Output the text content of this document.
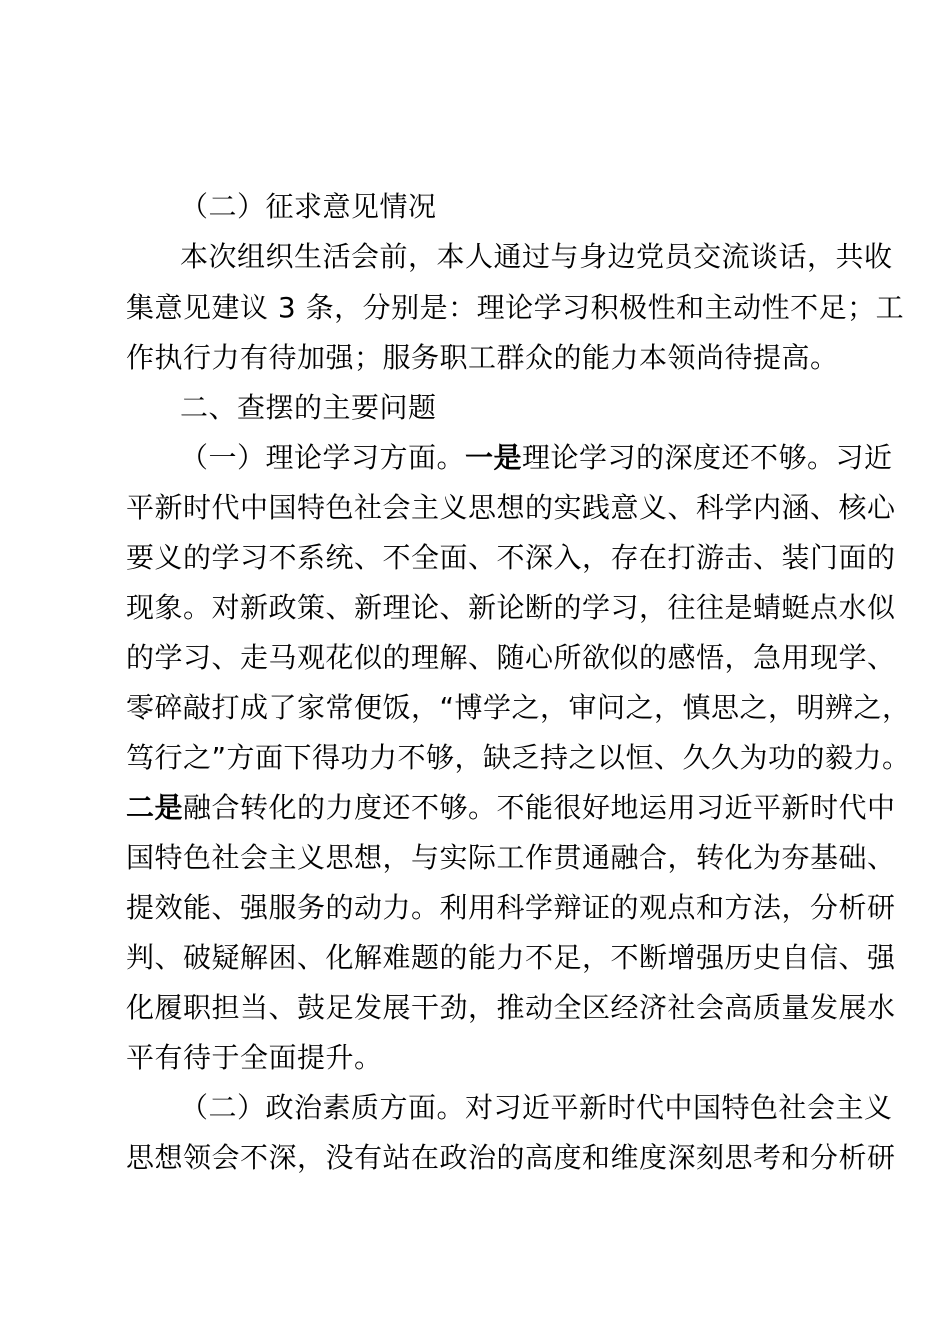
（二）征求意见情况
本次组织生活会前，本人通过与身边党员交流谈话，共收
集意见建议 3 条，分别是：理论学习积极性和主动性不足；工
作执行力有待加强；服务职工群众的能力本领尚待提高。
二、查摆的主要问题
（一）理论学习方面。一是理论学习的深度还不够。习近
平新时代中国特色社会主义思想的实践意义、科学内涵、核心
要义的学习不系统、不全面、不深入，存在打游击、装门面的
现象。对新政策、新理论、新论断的学习，往往是蜻蜓点水似
的学习、走马观花似的理解、随心所欲似的感悟，急用现学、
零碎敲打成了家常便饭，“博学之，审问之，慎思之，明辨之，
笃行之”方面下得功力不够，缺乏持之以恒、久久为功的毅力。
二是融合转化的力度还不够。不能很好地运用习近平新时代中
国特色社会主义思想，与实际工作贯通融合，转化为夯基础、
提效能、强服务的动力。利用科学辩证的观点和方法，分析研
判、破疑解困、化解难题的能力不足，不断增强历史自信、强
化履职担当、鼓足发展干劲，推动全区经济社会高质量发展水
平有待于全面提升。
（二）政治素质方面。对习近平新时代中国特色社会主义
思想领会不深，没有站在政治的高度和维度深刻思考和分析研
